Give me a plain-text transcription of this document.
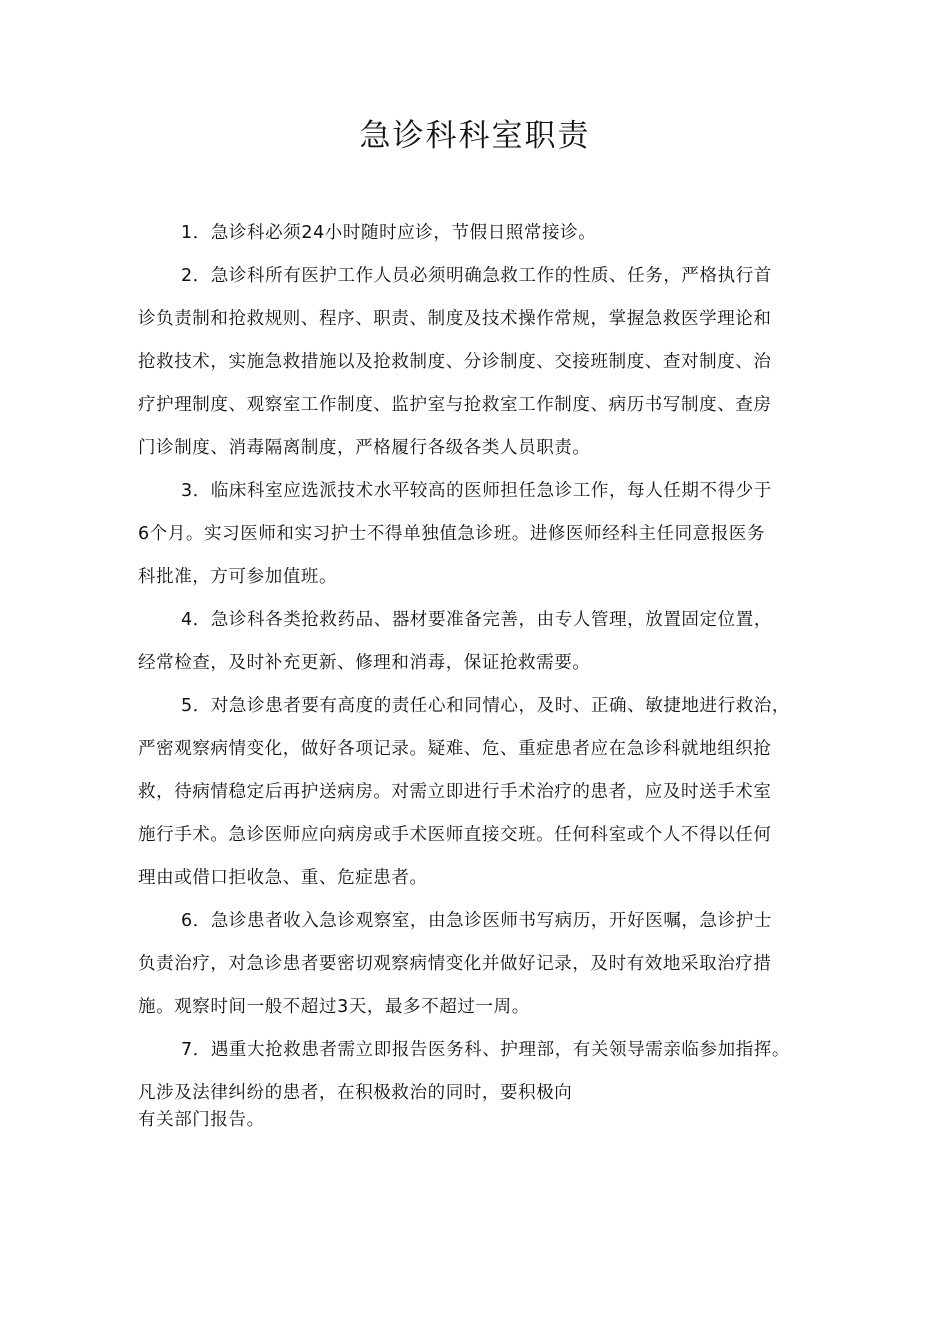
急诊科科室职责
1．急诊科必须24小时随时应诊，节假日照常接诊。
2．急诊科所有医护工作人员必须明确急救工作的性质、任务，严格执行首
诊负责制和抢救规则、程序、职责、制度及技术操作常规，掌握急救医学理论和
抢救技术，实施急救措施以及抢救制度、分诊制度、交接班制度、查对制度、治
疗护理制度、观察室工作制度、监护室与抢救室工作制度、病历书写制度、查房
门诊制度、消毒隔离制度，严格履行各级各类人员职责。
3．临床科室应选派技术水平较高的医师担任急诊工作，每人任期不得少于
6个月。实习医师和实习护士不得单独值急诊班。进修医师经科主任同意报医务
科批准，方可参加值班。
4．急诊科各类抢救药品、器材要准备完善，由专人管理，放置固定位置，
经常检查，及时补充更新、修理和消毒，保证抢救需要。
5．对急诊患者要有高度的责任心和同情心，及时、正确、敏捷地进行救治，
严密观察病情变化，做好各项记录。疑难、危、重症患者应在急诊科就地组织抢
救，待病情稳定后再护送病房。对需立即进行手术治疗的患者，应及时送手术室
施行手术。急诊医师应向病房或手术医师直接交班。任何科室或个人不得以任何
理由或借口拒收急、重、危症患者。
6．急诊患者收入急诊观察室，由急诊医师书写病历，开好医嘱，急诊护士
负责治疗，对急诊患者要密切观察病情变化并做好记录，及时有效地采取治疗措
施。观察时间一般不超过3天，最多不超过一周。
7．遇重大抢救患者需立即报告医务科、护理部，有关领导需亲临参加指挥。
凡涉及法律纠纷的患者，在积极救治的同时，要积极向
有关部门报告。
